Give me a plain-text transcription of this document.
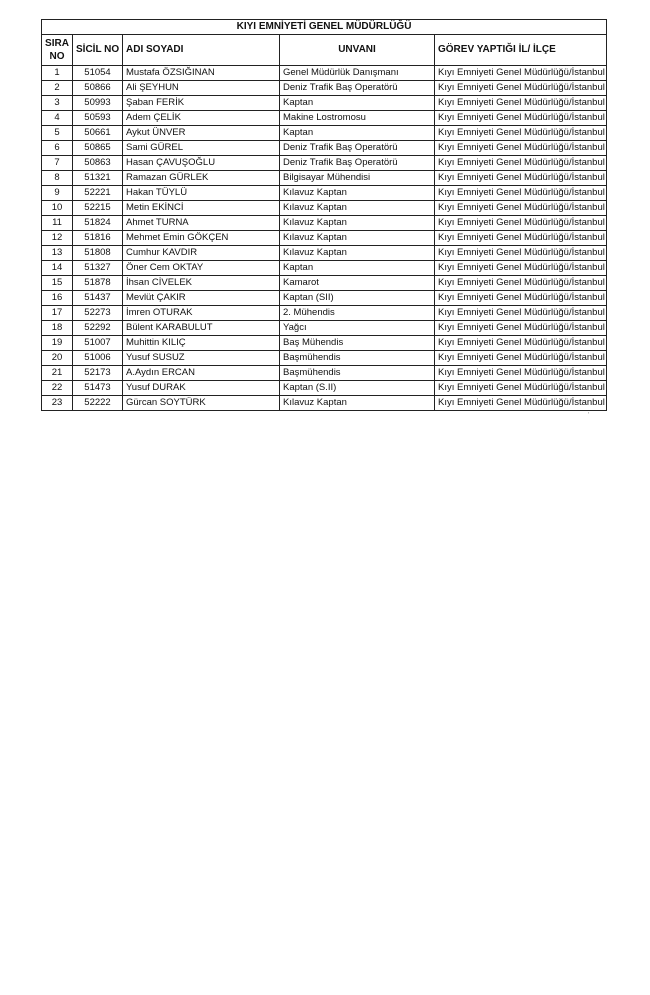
KIYI EMNİYETİ GENEL MÜDÜRLÜĞÜ				
SIRA NO	SİCİL NO	ADI SOYADI	UNVANI	GÖREV YAPTIĞI İL/ İLÇE
1	51054	Mustafa ÖZSIĞINAN	Genel Müdürlük Danışmanı	Kıyı Emniyeti Genel Müdürlüğü/İstanbul
2	50866	Ali ŞEYHUN	Deniz Trafik Baş Operatörü	Kıyı Emniyeti Genel Müdürlüğü/İstanbul
3	50993	Şaban FERİK	Kaptan	Kıyı Emniyeti Genel Müdürlüğü/İstanbul
4	50593	Adem ÇELİK	Makine Lostromosu	Kıyı Emniyeti Genel Müdürlüğü/İstanbul
5	50661	Aykut ÜNVER	Kaptan	Kıyı Emniyeti Genel Müdürlüğü/İstanbul
6	50865	Sami GÜREL	Deniz Trafik Baş Operatörü	Kıyı Emniyeti Genel Müdürlüğü/İstanbul
7	50863	Hasan ÇAVUŞOĞLU	Deniz Trafik Baş Operatörü	Kıyı Emniyeti Genel Müdürlüğü/İstanbul
8	51321	Ramazan GÜRLEK	Bilgisayar Mühendisi	Kıyı Emniyeti Genel Müdürlüğü/İstanbul
9	52221	Hakan TÜYLÜ	Kılavuz Kaptan	Kıyı Emniyeti Genel Müdürlüğü/İstanbul
10	52215	Metin EKİNCİ	Kılavuz Kaptan	Kıyı Emniyeti Genel Müdürlüğü/İstanbul
11	51824	Ahmet TURNA	Kılavuz Kaptan	Kıyı Emniyeti Genel Müdürlüğü/İstanbul
12	51816	Mehmet Emin GÖKÇEN	Kılavuz Kaptan	Kıyı Emniyeti Genel Müdürlüğü/İstanbul
13	51808	Cumhur KAVDIR	Kılavuz Kaptan	Kıyı Emniyeti Genel Müdürlüğü/İstanbul
14	51327	Öner Cem OKTAY	Kaptan	Kıyı Emniyeti Genel Müdürlüğü/İstanbul
15	51878	İhsan CİVELEK	Kamarot	Kıyı Emniyeti Genel Müdürlüğü/İstanbul
16	51437	Mevlüt ÇAKIR	Kaptan (SII)	Kıyı Emniyeti Genel Müdürlüğü/İstanbul
17	52273	İmren OTURAK	2. Mühendis	Kıyı Emniyeti Genel Müdürlüğü/İstanbul
18	52292	Bülent KARABULUT	Yağcı	Kıyı Emniyeti Genel Müdürlüğü/İstanbul
19	51007	Muhittin KILIÇ	Baş Mühendis	Kıyı Emniyeti Genel Müdürlüğü/İstanbul
20	51006	Yusuf SUSUZ	Başmühendis	Kıyı Emniyeti Genel Müdürlüğü/İstanbul
21	52173	A.Aydın ERCAN	Başmühendis	Kıyı Emniyeti Genel Müdürlüğü/İstanbul
22	51473	Yusuf DURAK	Kaptan (S.II)	Kıyı Emniyeti Genel Müdürlüğü/İstanbul
23	52222	Gürcan SOYTÜRK	Kılavuz Kaptan	Kıyı Emniyeti Genel Müdürlüğü/İstanbul
'
